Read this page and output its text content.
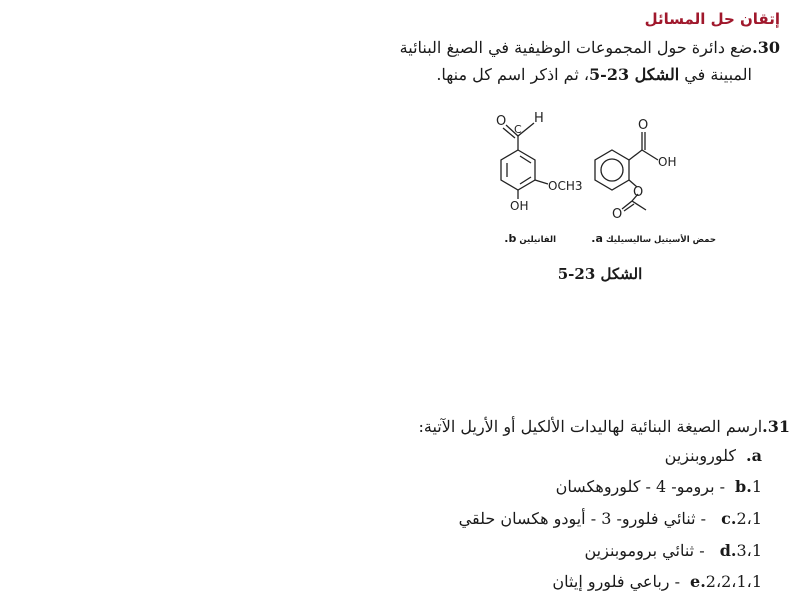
إتقان حل المسائل
30.ضع دائرة حول المجموعات الوظيفية في الصيغ البنائية
المبينة في الشكل 23-5، ثم اذكر اسم كل منها.
O
C
H
OCH3
OH
O
OH
O
O
الفانيلين b.	حمض الأسيتيل ساليسيليك a.
الشكل 23-5
31.ارسم الصيغة البنائية لهاليدات الألكيل أو الأريل الآتية:
a.كلوروبنزين
b.1- برومو- 4 - كلوروهكسان
c.2،1 - ثنائي فلورو- 3 - أيودو هكسان حلقي
d.3،1 - ثنائي بروموبنزين
e.2،2،1،1- رباعي فلورو إيثان
